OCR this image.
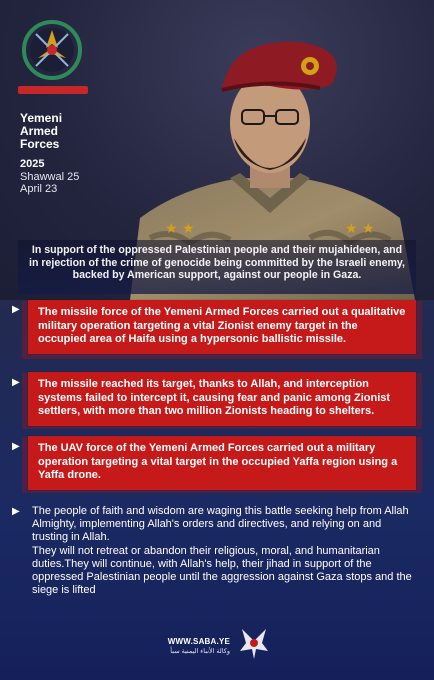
Yemeni
Armed
Forces
2025
Shawwal 25
April 23
★ ★	★ ★
In support of the oppressed Palestinian people and their mujahideen, and in rejection of the crime of genocide being committed by the Israeli enemy, backed by American support, against our people in Gaza.
▶	The missile force of the Yemeni Armed Forces carried out a qualitative military operation targeting a vital Zionist enemy target in the occupied area of Haifa using a hypersonic ballistic missile.
▶	The missile reached its target, thanks to Allah, and interception systems failed to intercept it, causing fear and panic among Zionist settlers, with more than two million Zionists heading to shelters.
▶	The UAV force of the Yemeni Armed Forces carried out a military operation targeting a vital target in the occupied Yaffa region using a Yaffa drone.
▶ The people of faith and wisdom are waging this battle seeking help from Allah Almighty, implementing Allah's orders and directives, and relying on and trusting in Allah.

They will not retreat or abandon their religious, moral, and humanitarian duties.They will continue, with Allah's help, their jihad in support of the oppressed Palestinian people until the aggression against Gaza stops and the siege is lifted

WWW.SABA.YE
وكالة الأنباء اليمنية سبأ
